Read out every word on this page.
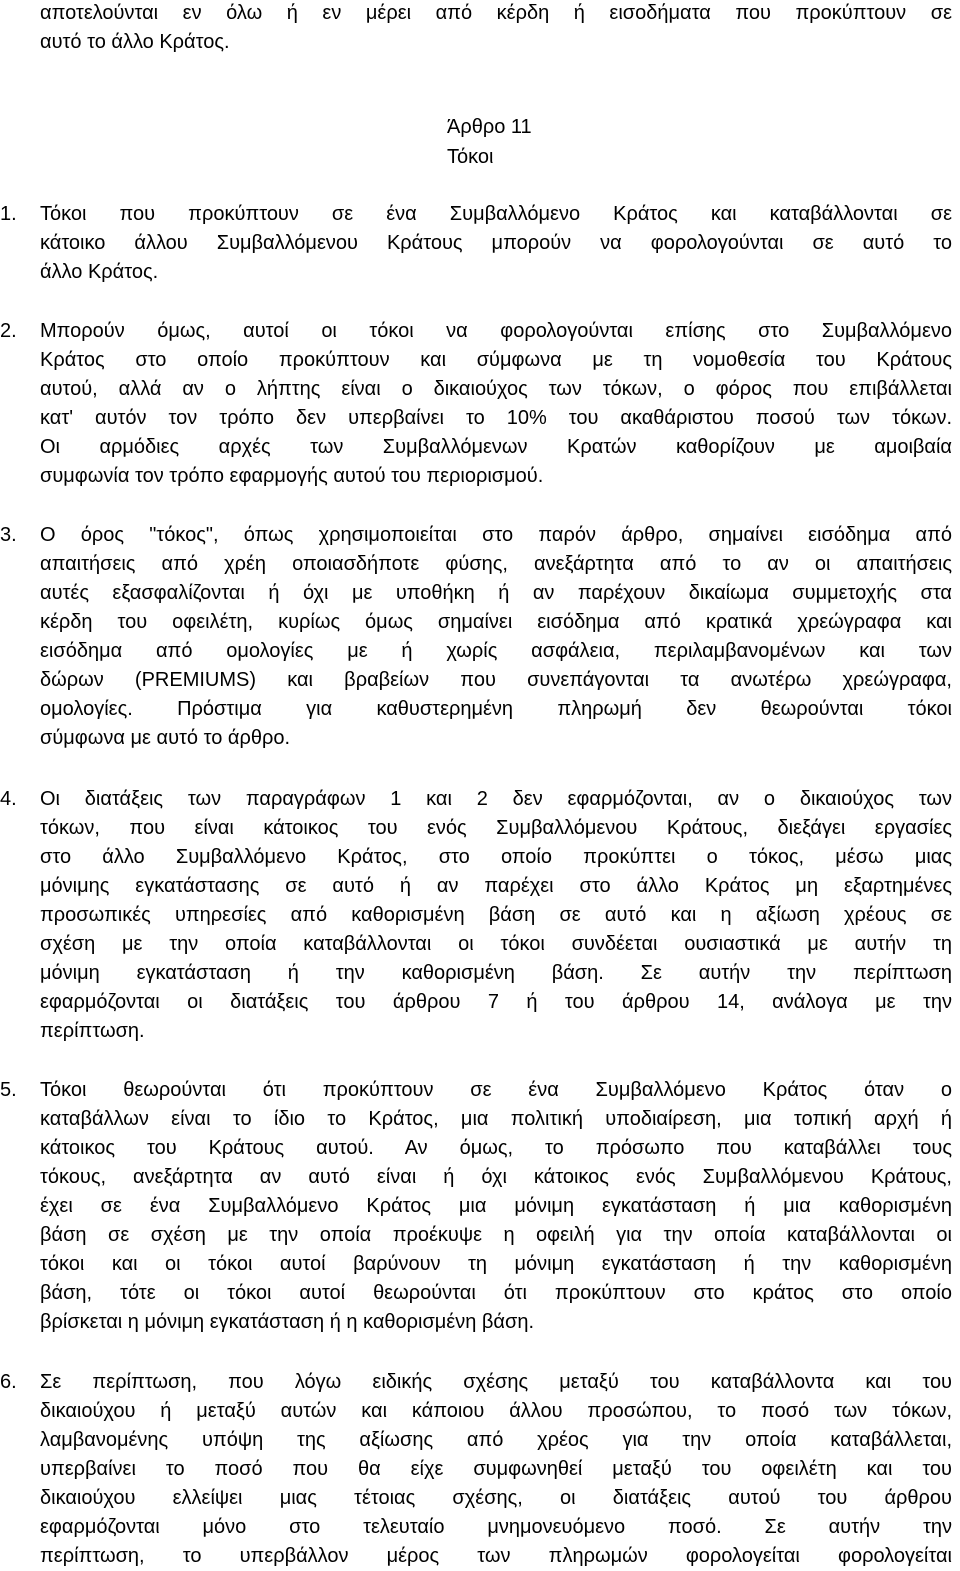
αποτελούνται εν όλω ή εν μέρει από κέρδη ή εισοδήματα που προκύπτουν σε
αυτό το άλλο Κράτος.
Άρθρο 11
Τόκοι
1.	Τόκοι που προκύπτουν σε ένα Συμβαλλόμενο Κράτος και καταβάλλονται σε
κάτοικο άλλου Συμβαλλόμενου Κράτους μπορούν να φορολογούνται σε αυτό το
άλλο Κράτος.
2.	Μπορούν όμως, αυτοί οι τόκοι να φορολογούνται επίσης στο Συμβαλλόμενο
Κράτος στο οποίο προκύπτουν και σύμφωνα με τη νομοθεσία του Κράτους
αυτού, αλλά αν ο λήπτης είναι ο δικαιούχος των τόκων, ο φόρος που επιβάλλεται
κατ' αυτόν τον τρόπο δεν υπερβαίνει το 10% του ακαθάριστου ποσού των τόκων.
Οι αρμόδιες αρχές των Συμβαλλόμενων Κρατών καθορίζουν με αμοιβαία
συμφωνία τον τρόπο εφαρμογής αυτού του περιορισμού.
3.	Ο όρος "τόκος", όπως χρησιμοποιείται στο παρόν άρθρο, σημαίνει εισόδημα από
απαιτήσεις από χρέη οποιασδήποτε φύσης, ανεξάρτητα από το αν οι απαιτήσεις
αυτές εξασφαλίζονται ή όχι με υποθήκη ή αν παρέχουν δικαίωμα συμμετοχής στα
κέρδη του οφειλέτη, κυρίως όμως σημαίνει εισόδημα από κρατικά χρεώγραφα και
εισόδημα από ομολογίες με ή χωρίς ασφάλεια, περιλαμβανομένων και των
δώρων (PREMIUMS) και βραβείων που συνεπάγονται τα ανωτέρω χρεώγραφα,
ομολογίες. Πρόστιμα για καθυστερημένη πληρωμή δεν θεωρούνται τόκοι
σύμφωνα με αυτό το άρθρο.
4.	Οι διατάξεις των παραγράφων 1 και 2 δεν εφαρμόζονται, αν ο δικαιούχος των
τόκων, που είναι κάτοικος του ενός Συμβαλλόμενου Κράτους, διεξάγει εργασίες
στο άλλο Συμβαλλόμενο Κράτος, στο οποίο προκύπτει ο τόκος, μέσω μιας
μόνιμης εγκατάστασης σε αυτό ή αν παρέχει στο άλλο Κράτος μη εξαρτημένες
προσωπικές υπηρεσίες από καθορισμένη βάση σε αυτό και η αξίωση χρέους σε
σχέση με την οποία καταβάλλονται οι τόκοι συνδέεται ουσιαστικά με αυτήν τη
μόνιμη εγκατάσταση ή την καθορισμένη βάση. Σε αυτήν την περίπτωση
εφαρμόζονται οι διατάξεις του άρθρου 7 ή του άρθρου 14, ανάλογα με την
περίπτωση.
5.	Τόκοι θεωρούνται ότι προκύπτουν σε ένα Συμβαλλόμενο Κράτος όταν ο
καταβάλλων είναι το ίδιο το Κράτος, μια πολιτική υποδιαίρεση, μια τοπική αρχή ή
κάτοικος του Κράτους αυτού. Αν όμως, το πρόσωπο που καταβάλλει τους
τόκους, ανεξάρτητα αν αυτό είναι ή όχι κάτοικος ενός Συμβαλλόμενου Κράτους,
έχει σε ένα Συμβαλλόμενο Κράτος μια μόνιμη εγκατάσταση ή μια καθορισμένη
βάση σε σχέση με την οποία προέκυψε η οφειλή για την οποία καταβάλλονται οι
τόκοι και οι τόκοι αυτοί βαρύνουν τη μόνιμη εγκατάσταση ή την καθορισμένη
βάση, τότε οι τόκοι αυτοί θεωρούνται ότι προκύπτουν στο κράτος στο οποίο
βρίσκεται η μόνιμη εγκατάσταση ή η καθορισμένη βάση.
6.	Σε περίπτωση, που λόγω ειδικής σχέσης μεταξύ του καταβάλλοντα και του
δικαιούχου ή μεταξύ αυτών και κάποιου άλλου προσώπου, το ποσό των τόκων,
λαμβανομένης υπόψη της αξίωσης από χρέος για την οποία καταβάλλεται,
υπερβαίνει το ποσό που θα είχε συμφωνηθεί μεταξύ του οφειλέτη και του
δικαιούχου ελλείψει μιας τέτοιας σχέσης, οι διατάξεις αυτού του άρθρου
εφαρμόζονται μόνο στο τελευταίο μνημονευόμενο ποσό. Σε αυτήν την
περίπτωση, το υπερβάλλον μέρος των πληρωμών φορολογείται φορολογείται
